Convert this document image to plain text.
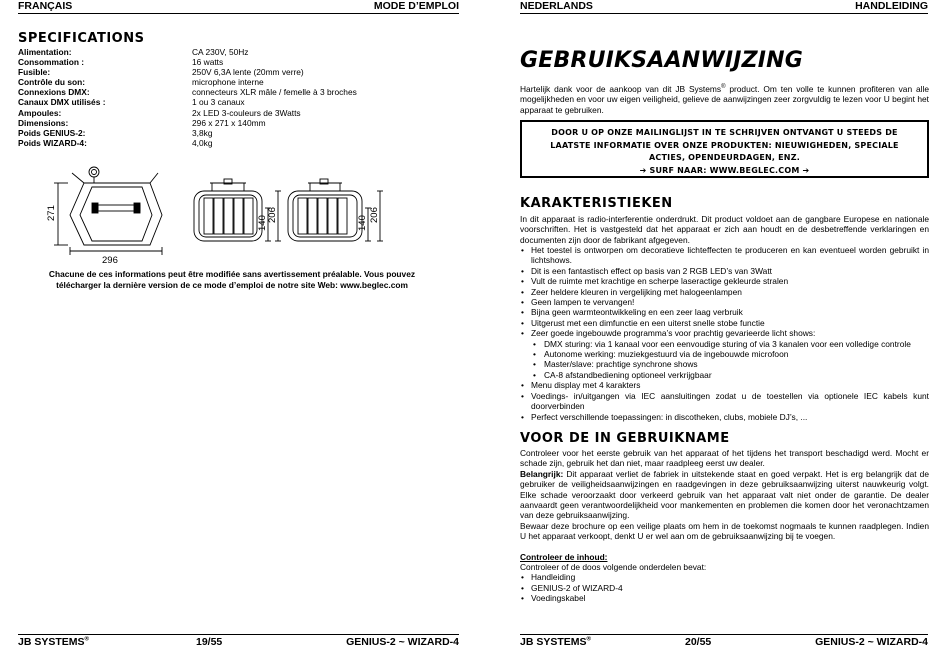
FRANÇAIS	MODE D’EMPLOI
SPECIFICATIONS
Alimentation:	CA 230V, 50Hz
Consommation :	16 watts
Fusible:	250V 6,3A lente (20mm verre)
Contrôle du son:	microphone interne
Connexions DMX:	connecteurs XLR mâle / femelle à 3 broches
Canaux DMX utilisés :	1 ou 3 canaux
Ampoules:	2x LED 3-couleurs de 3Watts
Dimensions:	296 x 271 x 140mm
Poids GENIUS-2:	3,8kg
Poids WIZARD-4:	4,0kg
271
296
140
206
140
206
Chacune de ces informations peut être modifiée sans avertissement préalable. Vous pouvez
télécharger la dernière version de ce mode d’emploi de notre site Web: www.beglec.com
JB SYSTEMS®	19/55	GENIUS-2 ~ WIZARD-4
NEDERLANDS	HANDLEIDING
JB SYSTEMS®	20/55	GENIUS-2 ~ WIZARD-4
GEBRUIKSAANWIJZING
Hartelijk dank voor de aankoop van dit JB Systems® product. Om ten volle te kunnen profiteren van alle mogelijkheden en voor uw eigen veiligheid, gelieve de aanwijzingen zeer zorgvuldig te lezen voor U begint het apparaat te gebruiken.
DOOR U OP ONZE MAILINGLIJST IN TE SCHRIJVEN ONTVANGT U STEEDS DE
LAATSTE INFORMATIE OVER ONZE PRODUKTEN: NIEUWIGHEDEN, SPECIALE
ACTIES, OPENDEURDAGEN, ENZ.
➔ SURF NAAR: WWW.BEGLEC.COM ➔
KARAKTERISTIEKEN
In dit apparaat is radio-interferentie onderdrukt. Dit product voldoet aan de gangbare Europese en nationale voorschriften. Het is vastgesteld dat het apparaat er zich aan houdt en de desbetreffende verklaringen en documenten zijn door de fabrikant afgegeven.
• Het toestel is ontworpen om decoratieve lichteffecten te produceren en kan eventueel worden gebruikt in lichtshows.
• Dit is een fantastisch effect op basis van 2 RGB LED’s van 3Watt
• Vult de ruimte met krachtige en scherpe laseractige gekleurde stralen
• Zeer heldere kleuren in vergelijking met halogeenlampen
• Geen lampen te vervangen!
• Bijna geen warmteontwikkeling en een zeer laag verbruik
• Uitgerust met een dimfunctie en een uiterst snelle stobe functie
• Zeer goede ingebouwde programma’s voor prachtig gevarieerde licht shows:
• DMX sturing: via 1 kanaal voor een eenvoudige sturing of via 3 kanalen voor een volledige controle
• Autonome werking: muziekgestuurd via de ingebouwde microfoon
• Master/slave: prachtige synchrone shows
• CA-8 afstandbediening optioneel verkrijgbaar
• Menu display met 4 karakters
• Voedings- in/uitgangen via IEC aansluitingen zodat u de toestellen via optionele IEC kabels kunt doorverbinden
• Perfect verschillende toepassingen: in discotheken, clubs, mobiele DJ’s, ...
VOOR DE IN GEBRUIKNAME
Controleer voor het eerste gebruik van het apparaat of het tijdens het transport beschadigd werd. Mocht er schade zijn, gebruik het dan niet, maar raadpleeg eerst uw dealer.
Belangrijk: Dit apparaat verliet de fabriek in uitstekende staat en goed verpakt. Het is erg belangrijk dat de gebruiker de veiligheidsaanwijzingen en raadgevingen in deze gebruiksaanwijzing uiterst nauwkeurig volgt. Elke schade veroorzaakt door verkeerd gebruik van het apparaat valt niet onder de garantie. De dealer aanvaardt geen verantwoordelijkheid voor mankementen en problemen die komen door het veronachtzamen van deze gebruiksaanwijzing.
Bewaar deze brochure op een veilige plaats om hem in de toekomst nogmaals te kunnen raadplegen. Indien U het apparaat verkoopt, denkt U er wel aan om de gebruiksaanwijzing bij te voegen.
Controleer de inhoud:
Controleer of de doos volgende onderdelen bevat:
• Handleiding
• GENIUS-2 of WIZARD-4
• Voedingskabel
